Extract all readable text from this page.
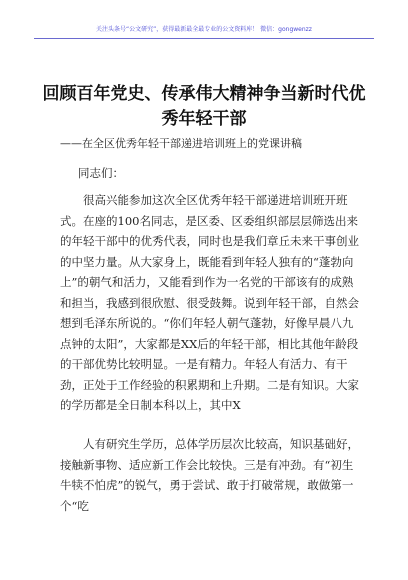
关注头条号“公文研究”，获得最新最全最专业的公文资料库！ 微信：gongwenzz
回顾百年党史、传承伟大精神争当新时代优秀年轻干部
——在全区优秀年轻干部递进培训班上的党课讲稿
同志们：

很高兴能参加这次全区优秀年轻干部递进培训班开班式。在座的100名同志，是区委、区委组织部层层筛选出来的年轻干部中的优秀代表，同时也是我们章丘未来干事创业的中坚力量。从大家身上，既能看到年轻人独有的“蓬勃向上”的朝气和活力，又能看到作为一名党的干部该有的成熟和担当，我感到很欣慰、很受鼓舞。说到年轻干部，自然会想到毛泽东所说的。“你们年轻人朝气蓬勃，好像早晨八九点钟的太阳”，大家都是XX后的年轻干部，相比其他年龄段的干部优势比较明显。一是有精力。年轻人有活力、有干劲，正处于工作经验的积累期和上升期。二是有知识。大家的学历都是全日制本科以上，其中X

人有研究生学历，总体学历层次比较高，知识基础好，接触新事物、适应新工作会比较快。三是有冲劲。有“初生牛犊不怕虎”的锐气，勇于尝试、敢于打破常规，敢做第一个“吃
